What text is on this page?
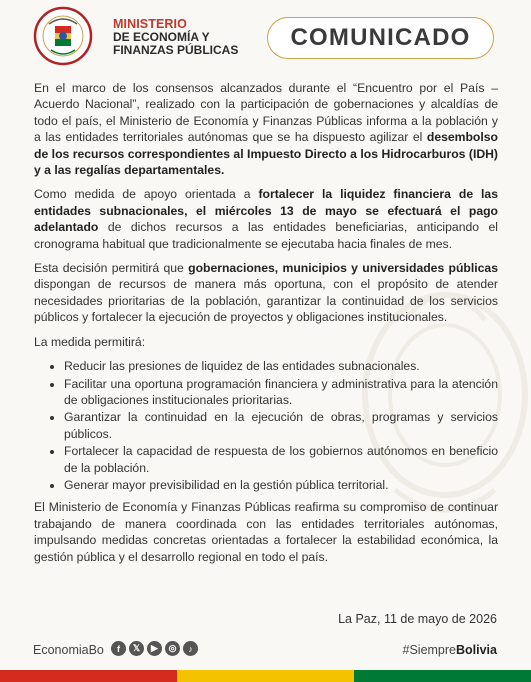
MINISTERIO
DE ECONOMÍA Y
FINANZAS PÚBLICAS	COMUNICADO

En el marco de los consensos alcanzados durante el “Encuentro por el País – Acuerdo Nacional”, realizado con la participación de gobernaciones y alcaldías de todo el país, el Ministerio de Economía y Finanzas Públicas informa a la población y a las entidades territoriales autónomas que se ha dispuesto agilizar el desembolso de los recursos correspondientes al Impuesto Directo a los Hidrocarburos (IDH) y a las regalías departamentales.

Como medida de apoyo orientada a fortalecer la liquidez financiera de las entidades subnacionales, el miércoles 13 de mayo se efectuará el pago adelantado de dichos recursos a las entidades beneficiarias, anticipando el cronograma habitual que tradicionalmente se ejecutaba hacia finales de mes.

Esta decisión permitirá que gobernaciones, municipios y universidades públicas dispongan de recursos de manera más oportuna, con el propósito de atender necesidades prioritarias de la población, garantizar la continuidad de los servicios públicos y fortalecer la ejecución de proyectos y obligaciones institucionales.

La medida permitirá:

• Reducir las presiones de liquidez de las entidades subnacionales.
• Facilitar una oportuna programación financiera y administrativa para la atención de obligaciones institucionales prioritarias.
• Garantizar la continuidad en la ejecución de obras, programas y servicios públicos.
• Fortalecer la capacidad de respuesta de los gobiernos autónomos en beneficio de la población.
• Generar mayor previsibilidad en la gestión pública territorial.

El Ministerio de Economía y Finanzas Públicas reafirma su compromiso de continuar trabajando de manera coordinada con las entidades territoriales autónomas, impulsando medidas concretas orientadas a fortalecer la estabilidad económica, la gestión pública y el desarrollo regional en todo el país.

La Paz, 11 de mayo de 2026
EconomiaBo	f	𝕏	▶	◎	♪	#SiempreBolivia
